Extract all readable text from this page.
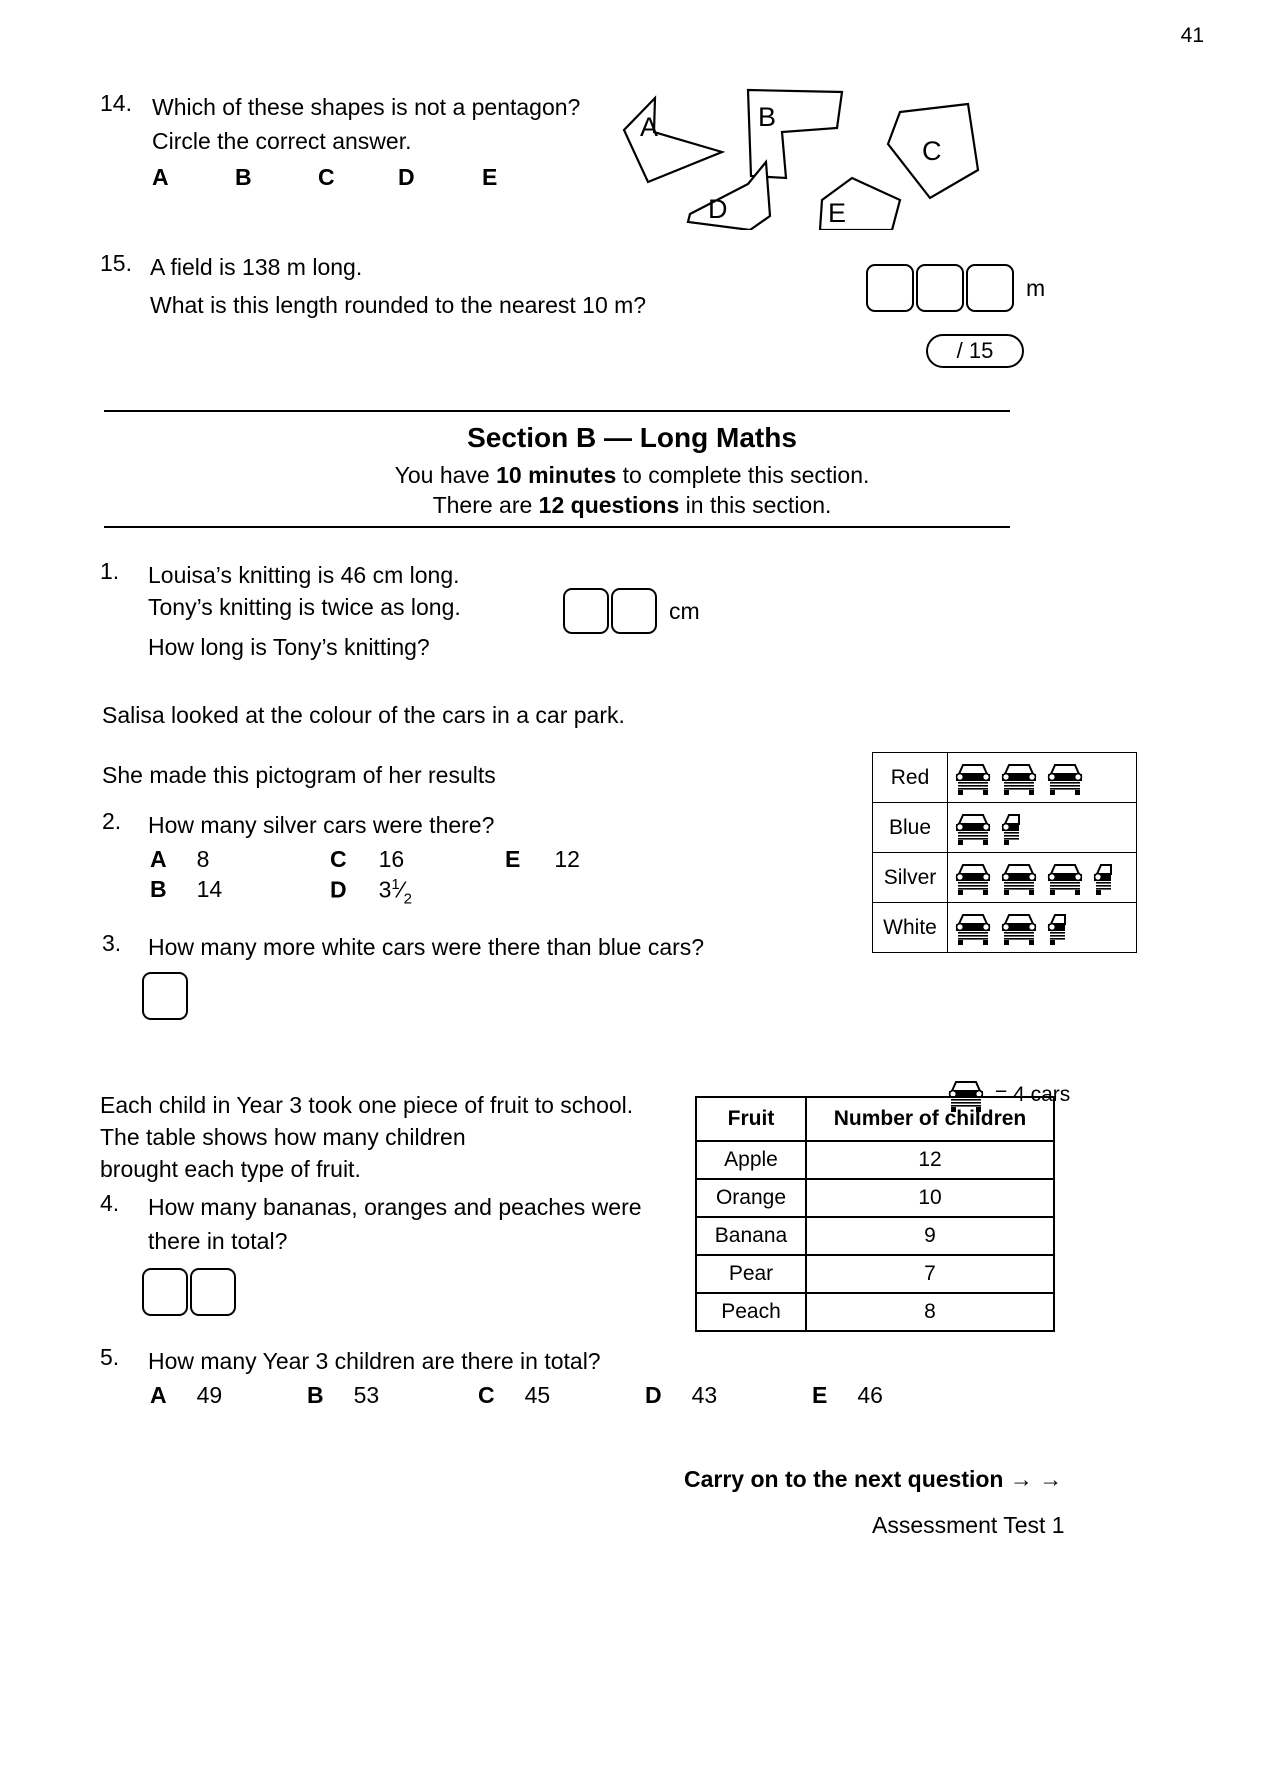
41
14. Which of these shapes is not a pentagon?
Circle the correct answer.
A	B	C	D	E
A	B
C
D	E
15. A field is 138 m long.
What is this length rounded to the nearest 10 m?
m
/ 15
Section B — Long Maths
You have 10 minutes to complete this section.
There are 12 questions in this section.
1. Louisa’s knitting is 46 cm long.
Tony’s knitting is twice as long.
How long is Tony’s knitting?
cm
Salisa looked at the colour of the cars in a car park.
She made this pictogram of her results
2. How many silver cars were there?
A 8
B 14
C 16
D $3^1⁄_2$
E 12
3. How many more white cars were there than blue cars?
Red	

Blue	

Silver	

White	
= 4 cars
Each child in Year 3 took one piece of fruit to school.
The table shows how many children
brought each type of fruit.
4. How many bananas, oranges and peaches were
there in total?
5. How many Year 3 children are there in total?
A 49	B 53	C 45	D 43	E 46
Fruit	Number of children
Apple	12
Orange	10
Banana	9
Pear	7
Peach	8
Carry on to the next question → →
Assessment Test 1
